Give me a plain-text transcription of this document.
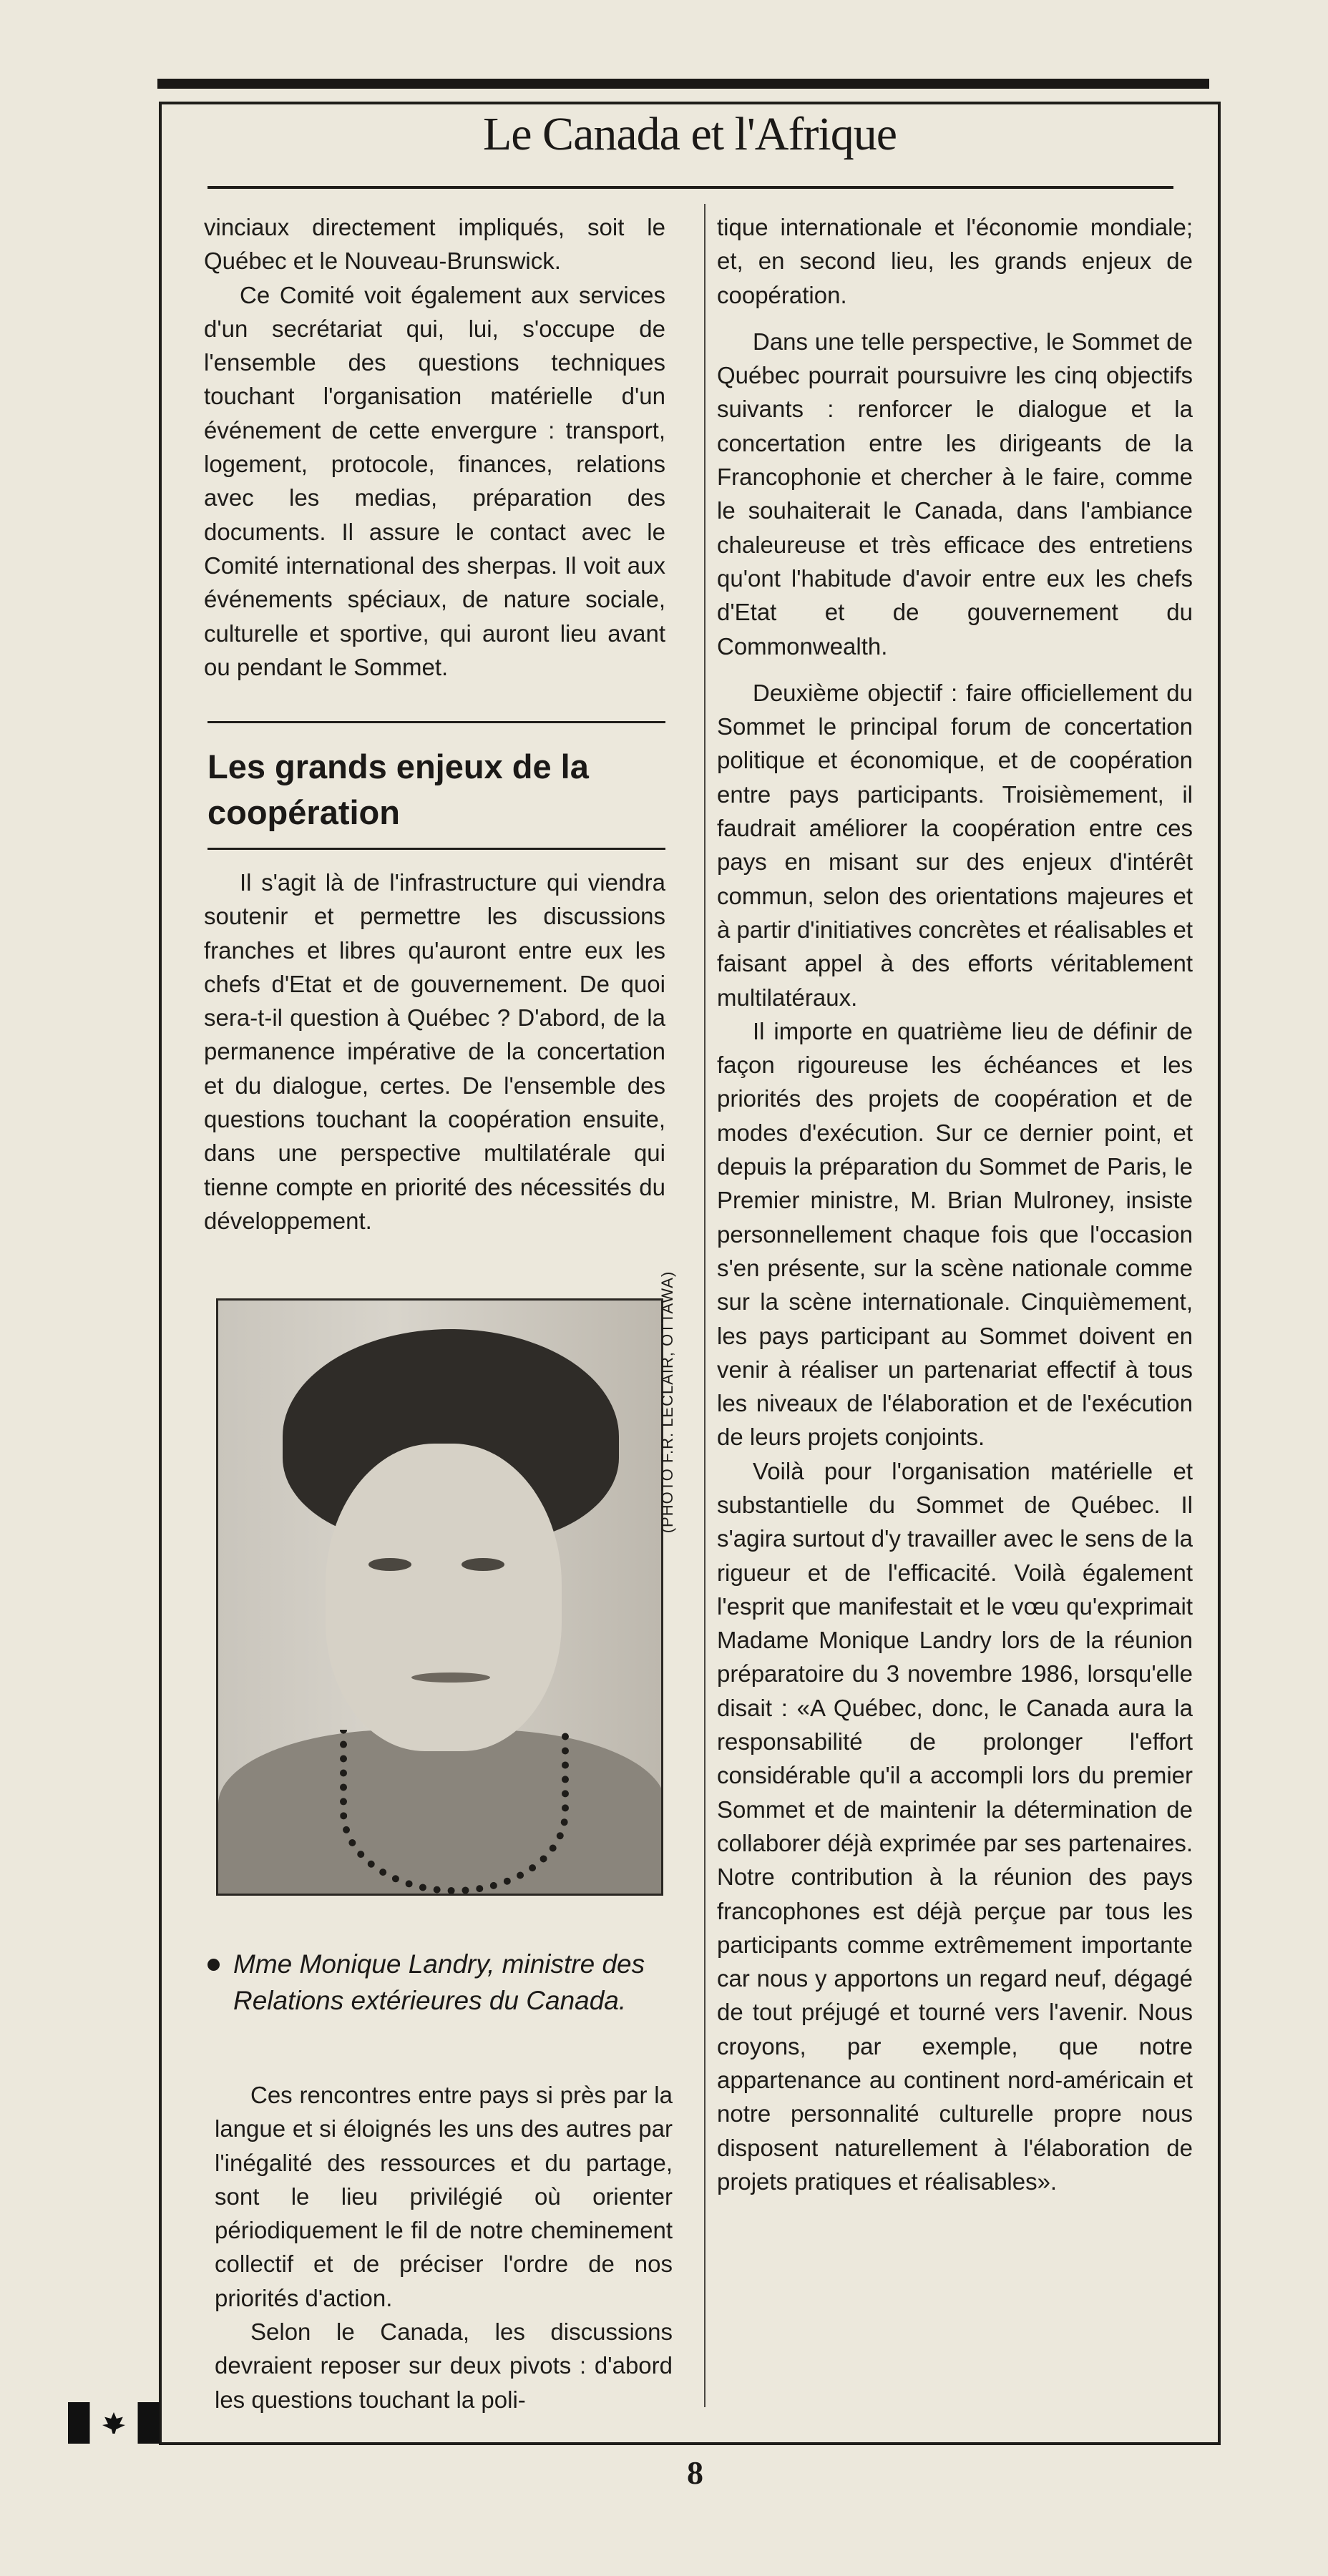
Le Canada et l'Afrique

vinciaux directement impliqués, soit le Québec et le Nouveau-Brunswick.

Ce Comité voit également aux services d'un secrétariat qui, lui, s'occupe de l'ensemble des questions techniques touchant l'organisation matérielle d'un événement de cette envergure : transport, logement, protocole, finances, relations avec les medias, préparation des documents. Il assure le contact avec le Comité international des sherpas. Il voit aux événements spéciaux, de nature sociale, culturelle et sportive, qui auront lieu avant ou pendant le Sommet.

Les grands enjeux de la coopération

Il s'agit là de l'infrastructure qui viendra soutenir et permettre les discussions franches et libres qu'auront entre eux les chefs d'Etat et de gouvernement. De quoi sera-t-il question à Québec ? D'abord, de la permanence impérative de la concertation et du dialogue, certes. De l'ensemble des questions touchant la coopération ensuite, dans une perspective multilatérale qui tienne compte en priorité des nécessités du développement.

(PHOTO F.R. LECLAIR, OTTAWA)
Mme Monique Landry, ministre des Relations extérieures du Canada.

Ces rencontres entre pays si près par la langue et si éloignés les uns des autres par l'inégalité des ressources et du partage, sont le lieu privilégié où orienter périodiquement le fil de notre cheminement collectif et de préciser l'ordre de nos priorités d'action.

Selon le Canada, les discussions devraient reposer sur deux pivots : d'abord les questions touchant la poli-

tique internationale et l'économie mondiale; et, en second lieu, les grands enjeux de coopération.

Dans une telle perspective, le Sommet de Québec pourrait poursuivre les cinq objectifs suivants : renforcer le dialogue et la concertation entre les dirigeants de la Francophonie et chercher à le faire, comme le souhaiterait le Canada, dans l'ambiance chaleureuse et très efficace des entretiens qu'ont l'habitude d'avoir entre eux les chefs d'Etat et de gouvernement du Commonwealth.

Deuxième objectif : faire officiellement du Sommet le principal forum de concertation politique et économique, et de coopération entre pays participants. Troisièmement, il faudrait améliorer la coopération entre ces pays en misant sur des enjeux d'intérêt commun, selon des orientations majeures et à partir d'initiatives concrètes et réalisables et faisant appel à des efforts véritablement multilatéraux.

Il importe en quatrième lieu de définir de façon rigoureuse les échéances et les priorités des projets de coopération et de modes d'exécution. Sur ce dernier point, et depuis la préparation du Sommet de Paris, le Premier ministre, M. Brian Mulroney, insiste personnellement chaque fois que l'occasion s'en présente, sur la scène nationale comme sur la scène internationale. Cinquièmement, les pays participant au Sommet doivent en venir à réaliser un partenariat effectif à tous les niveaux de l'élaboration et de l'exécution de leurs projets conjoints.

Voilà pour l'organisation matérielle et substantielle du Sommet de Québec. Il s'agira surtout d'y travailler avec le sens de la rigueur et de l'efficacité. Voilà également l'esprit que manifestait et le vœu qu'exprimait Madame Monique Landry lors de la réunion préparatoire du 3 novembre 1986, lorsqu'elle disait : «A Québec, donc, le Canada aura la responsabilité de prolonger l'effort considérable qu'il a accompli lors du premier Sommet et de maintenir la détermination de collaborer déjà exprimée par ses partenaires. Notre contribution à la réunion des pays francophones est déjà perçue par tous les participants comme extrêmement importante car nous y apportons un regard neuf, dégagé de tout préjugé et tourné vers l'avenir. Nous croyons, par exemple, que notre appartenance au continent nord-américain et notre personnalité culturelle propre nous disposent naturellement à l'élaboration de projets pratiques et réalisables».

8
